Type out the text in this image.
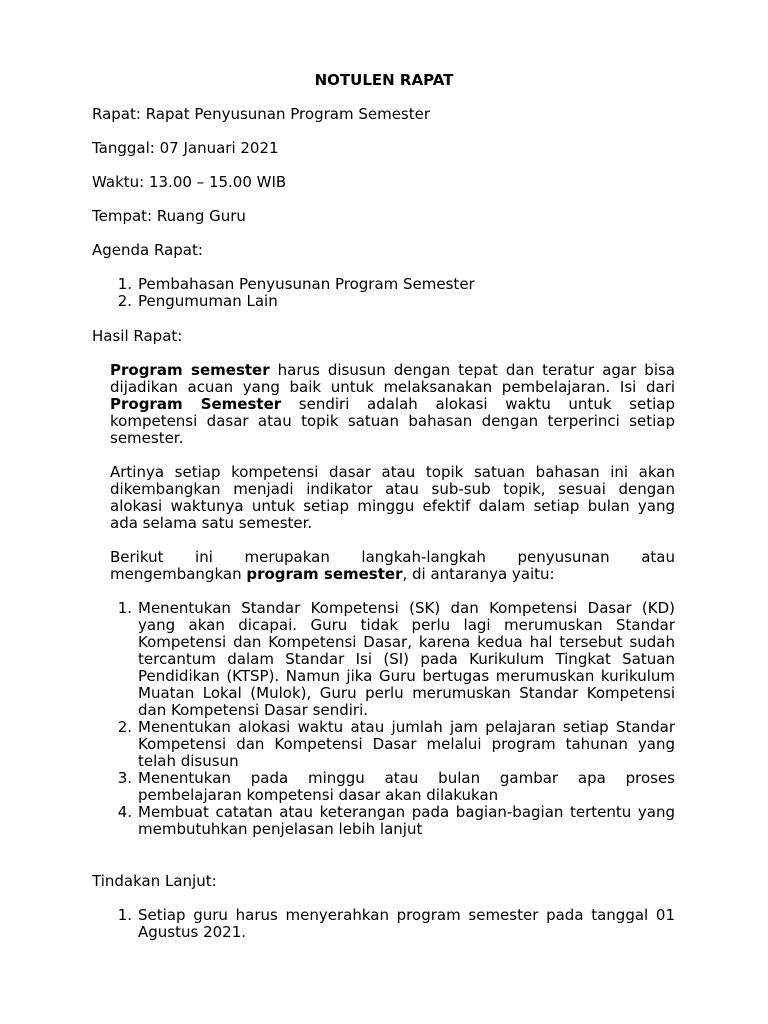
NOTULEN RAPAT
Rapat: Rapat Penyusunan Program Semester
Tanggal: 07 Januari 2021
Waktu: 13.00 – 15.00 WIB
Tempat: Ruang Guru
Agenda Rapat:
1. Pembahasan Penyusunan Program Semester
2. Pengumuman Lain
Hasil Rapat:

Program semester harus disusun dengan tepat dan teratur agar bisa dijadikan acuan yang baik untuk melaksanakan pembelajaran. Isi dari Program Semester sendiri adalah alokasi waktu untuk setiap kompetensi dasar atau topik satuan bahasan dengan terperinci setiap semester.

Artinya setiap kompetensi dasar atau topik satuan bahasan ini akan dikembangkan menjadi indikator atau sub-sub topik, sesuai dengan alokasi waktunya untuk setiap minggu efektif dalam setiap bulan yang ada selama satu semester.

Berikut ini merupakan langkah-langkah penyusunan atau
mengembangkan program semester, di antaranya yaitu:
1. Menentukan Standar Kompetensi (SK) dan Kompetensi Dasar (KD) yang akan dicapai. Guru tidak perlu lagi merumuskan Standar Kompetensi dan Kompetensi Dasar, karena kedua hal tersebut sudah tercantum dalam Standar Isi (SI) pada Kurikulum Tingkat Satuan Pendidikan (KTSP). Namun jika Guru bertugas merumuskan kurikulum Muatan Lokal (Mulok), Guru perlu merumuskan Standar Kompetensi dan Kompetensi Dasar sendiri.
2. Menentukan alokasi waktu atau jumlah jam pelajaran setiap Standar Kompetensi dan Kompetensi Dasar melalui program tahunan yang telah disusun
3. Menentukan pada minggu atau bulan gambar apa proses pembelajaran kompetensi dasar akan dilakukan
4. Membuat catatan atau keterangan pada bagian-bagian tertentu yang membutuhkan penjelasan lebih lanjut
Tindakan Lanjut:
1. Setiap guru harus menyerahkan program semester pada tanggal 01 Agustus 2021.
